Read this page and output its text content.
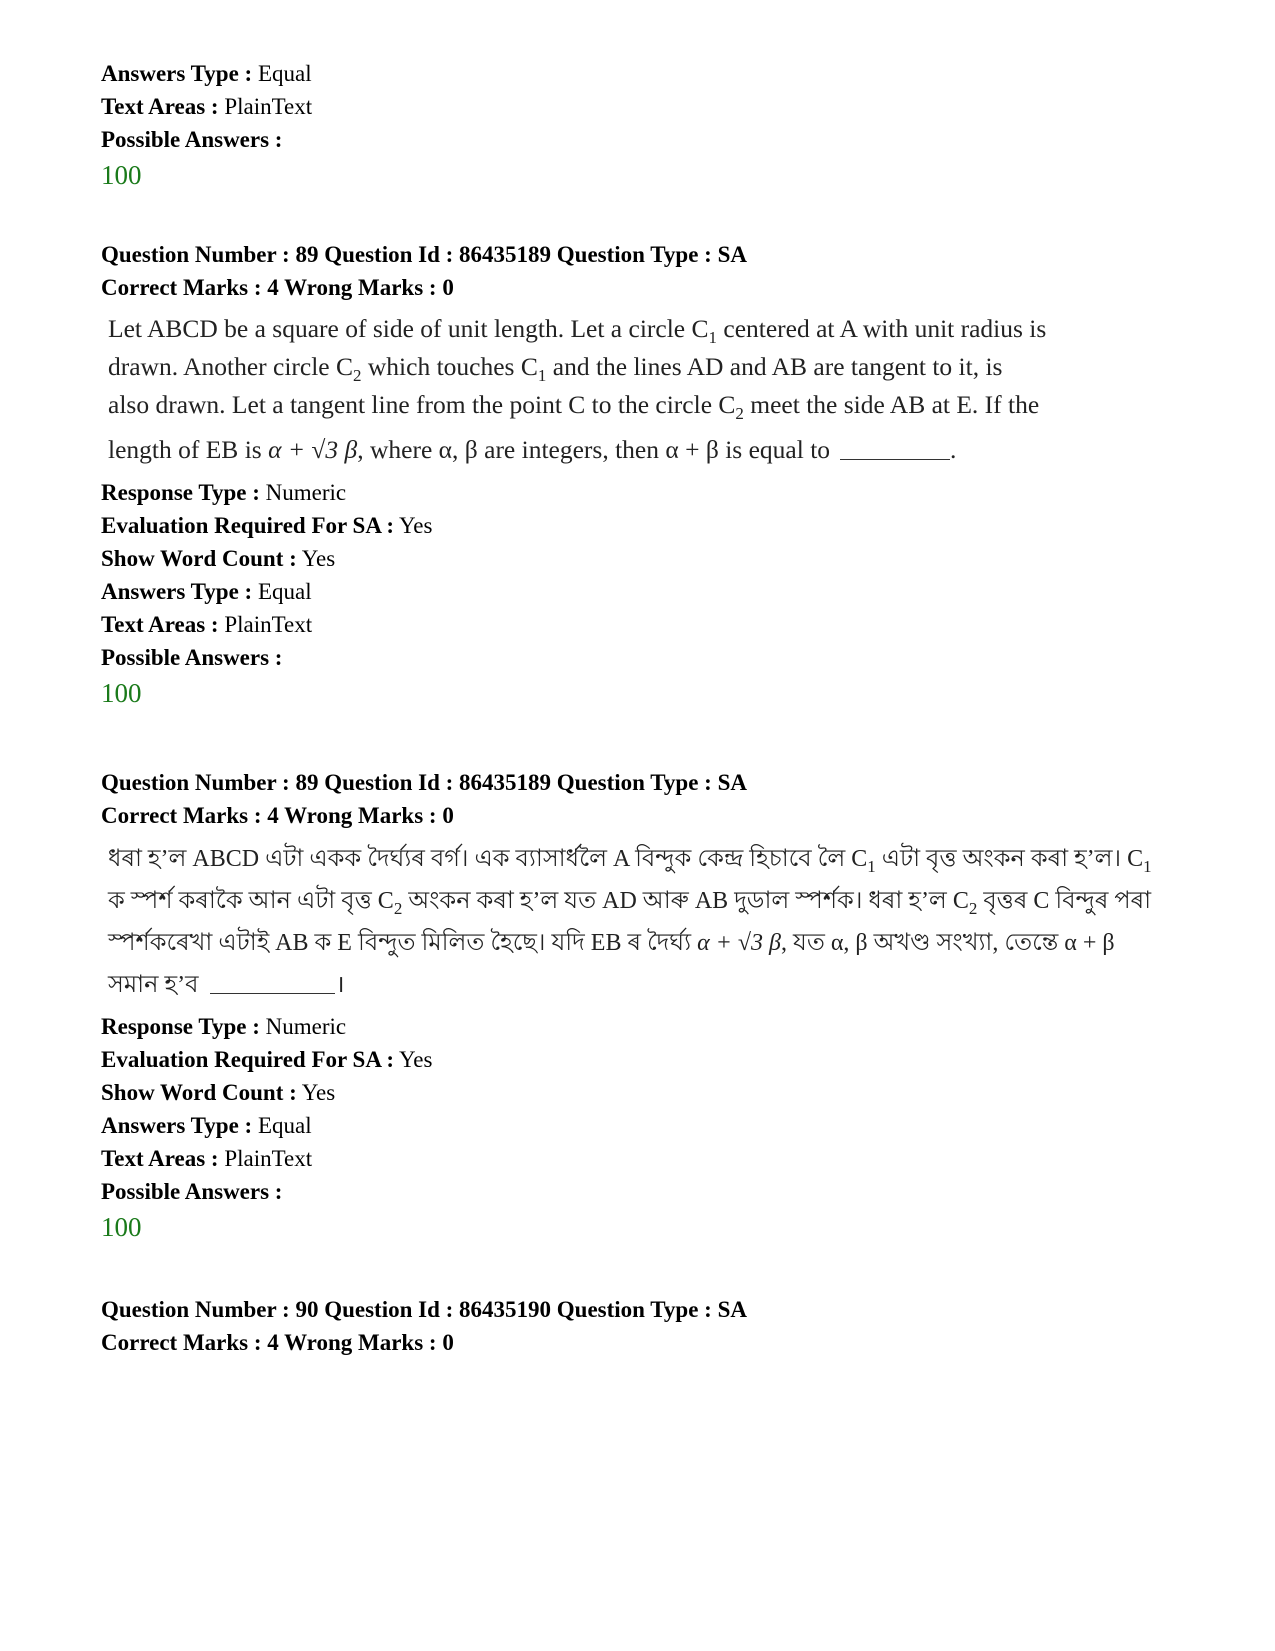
Answers Type : Equal
Text Areas : PlainText
Possible Answers :
100
Question Number : 89 Question Id : 86435189 Question Type : SA
Correct Marks : 4 Wrong Marks : 0
Let ABCD be a square of side of unit length. Let a circle $C_1$ centered at A with unit radius is
drawn. Another circle $C_2$ which touches $C_1$ and the lines AD and AB are tangent to it, is
also drawn. Let a tangent line from the point C to the circle $C_2$ meet the side AB at E. If the
length of EB is α + √3 β, where α, β are integers, then α + β is equal to	.
Response Type : Numeric
Evaluation Required For SA : Yes
Show Word Count : Yes
Answers Type : Equal
Text Areas : PlainText
Possible Answers :
100
Question Number : 89 Question Id : 86435189 Question Type : SA
Correct Marks : 4 Wrong Marks : 0
ধৰা হ’ল ABCD এটা একক দৈৰ্ঘ্যৰ বৰ্গ। এক ব্যাসাৰ্ধলৈ A বিন্দুক কেন্দ্ৰ হিচাবে লৈ $C_1$ এটা বৃত্ত অংকন কৰা হ’ল। $C_1$
ক স্পৰ্শ কৰাকৈ আন এটা বৃত্ত $C_2$ অংকন কৰা হ’ল যত AD আৰু AB দুডাল স্পৰ্শক। ধৰা হ’ল $C_2$ বৃত্তৰ C বিন্দুৰ পৰা
স্পৰ্শকৰেখা এটাই AB ক E বিন্দুত মিলিত হৈছে। যদি EB ৰ দৈৰ্ঘ্য α + √3 β, যত α, β অখণ্ড সংখ্যা, তেন্তে α + β
সমান হ’ব	।
Response Type : Numeric
Evaluation Required For SA : Yes
Show Word Count : Yes
Answers Type : Equal
Text Areas : PlainText
Possible Answers :
100
Question Number : 90 Question Id : 86435190 Question Type : SA
Correct Marks : 4 Wrong Marks : 0
